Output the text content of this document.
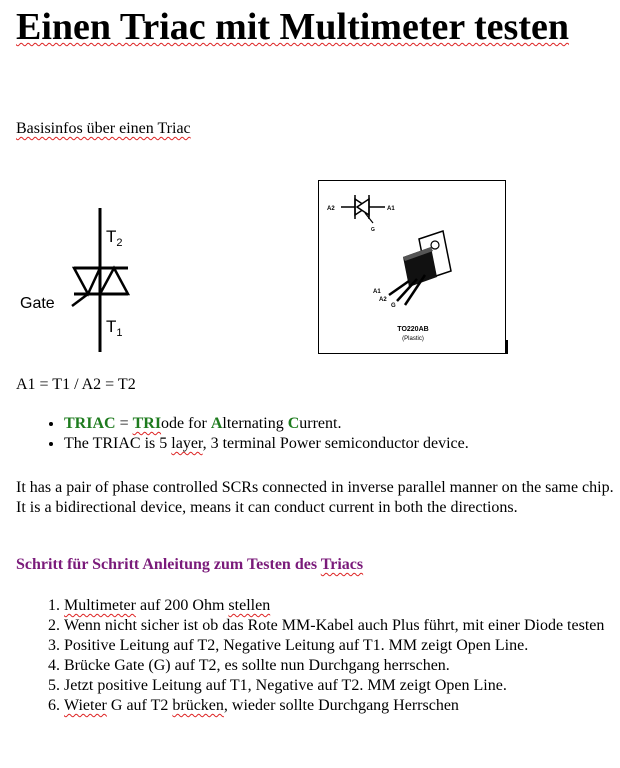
Einen Triac mit Multimeter testen

Basisinfos über einen Triac

$T_2$
$T_1$
Gate
A2	A1
G
A1
A2
G
TO220AB
(Plastic)

A1 = T1 / A2 = T2

• TRIAC = TRIode for Alternating Current.
• The TRIAC is 5 layer, 3 terminal Power semiconductor device.

It has a pair of phase controlled SCRs connected in inverse parallel manner on the same chip. It is a bidirectional device, means it can conduct current in both the directions.

Schritt für Schritt Anleitung zum Testen des Triacs

1. Multimeter auf 200 Ohm stellen
2. Wenn nicht sicher ist ob das Rote MM-Kabel auch Plus führt, mit einer Diode testen
3. Positive Leitung auf T2, Negative Leitung auf T1. MM zeigt Open Line.
4. Brücke Gate (G) auf T2, es sollte nun Durchgang herrschen.
5. Jetzt positive Leitung auf T1, Negative auf T2. MM zeigt Open Line.
6. Wieter G auf T2 brücken, wieder sollte Durchgang Herrschen
